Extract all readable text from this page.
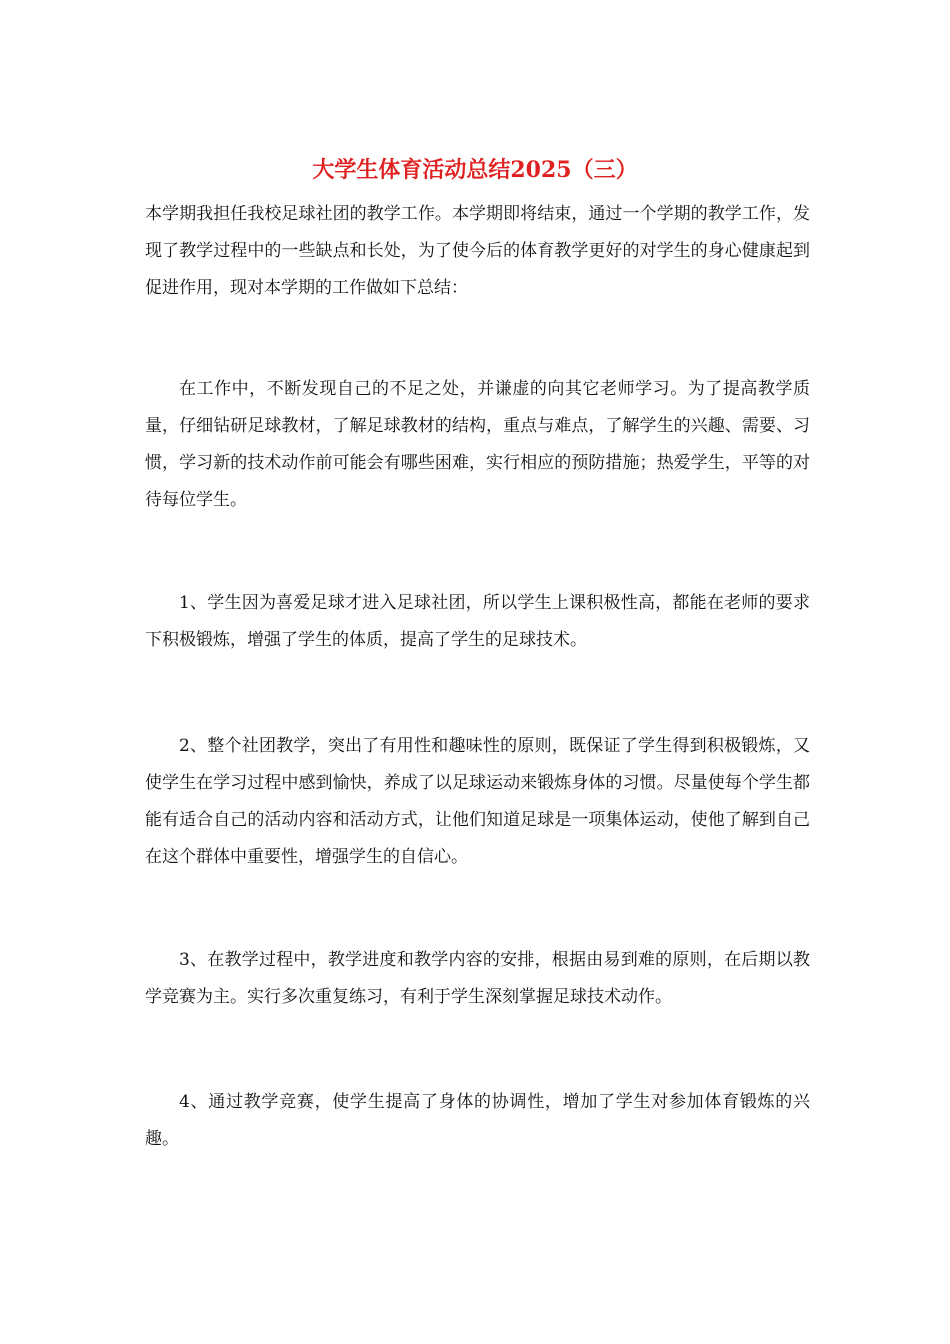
大学生体育活动总结2025（三）

本学期我担任我校足球社团的教学工作。本学期即将结束，通过一个学期的教学工作，发现了教学过程中的一些缺点和长处，为了使今后的体育教学更好的对学生的身心健康起到促进作用，现对本学期的工作做如下总结：

在工作中，不断发现自己的不足之处，并谦虚的向其它老师学习。为了提高教学质量，仔细钻研足球教材，了解足球教材的结构，重点与难点，了解学生的兴趣、需要、习惯，学习新的技术动作前可能会有哪些困难，实行相应的预防措施；热爱学生，平等的对待每位学生。

1、学生因为喜爱足球才进入足球社团，所以学生上课积极性高，都能在老师的要求下积极锻炼，增强了学生的体质，提高了学生的足球技术。

2、整个社团教学，突出了有用性和趣味性的原则，既保证了学生得到积极锻炼，又使学生在学习过程中感到愉快，养成了以足球运动来锻炼身体的习惯。尽量使每个学生都能有适合自己的活动内容和活动方式，让他们知道足球是一项集体运动，使他了解到自己在这个群体中重要性，增强学生的自信心。

3、在教学过程中，教学进度和教学内容的安排，根据由易到难的原则，在后期以教学竞赛为主。实行多次重复练习，有利于学生深刻掌握足球技术动作。

4、通过教学竞赛，使学生提高了身体的协调性，增加了学生对参加体育锻炼的兴趣。
